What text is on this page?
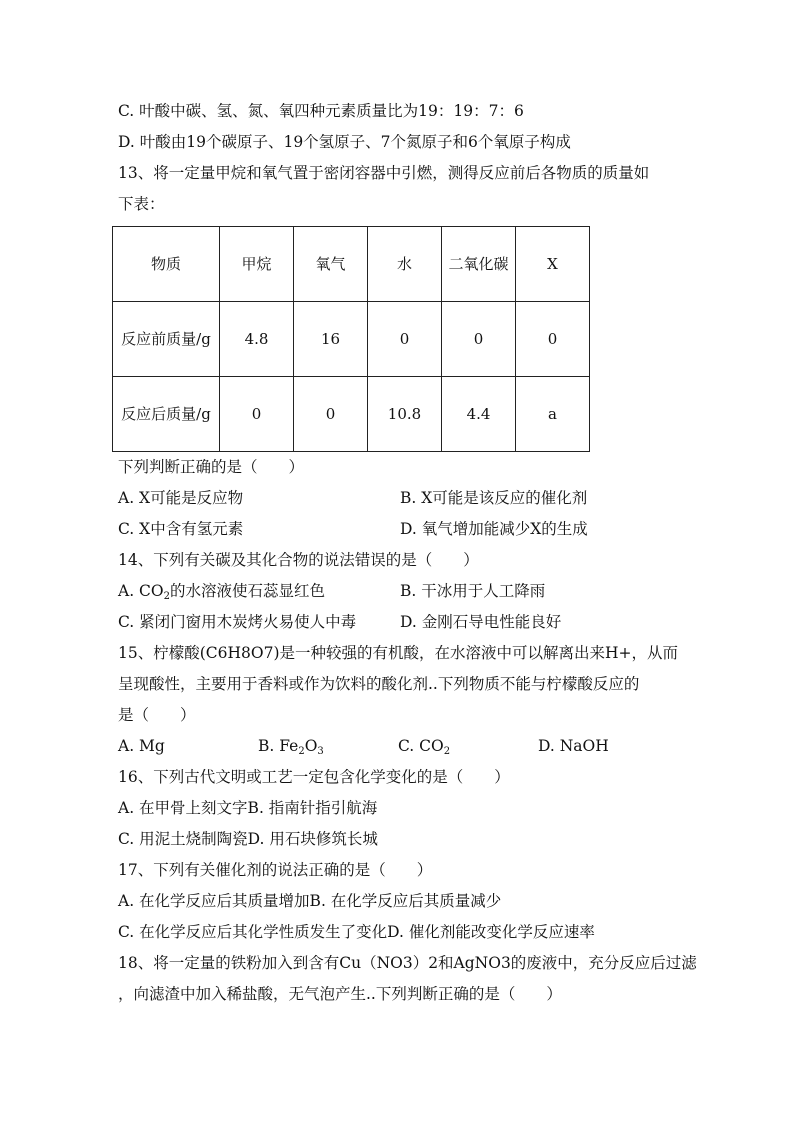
C. 叶酸中碳、氢、氮、氧四种元素质量比为19：19：7：6
D. 叶酸由19个碳原子、19个氢原子、7个氮原子和6个氧原子构成
13、将一定量甲烷和氧气置于密闭容器中引燃，测得反应前后各物质的质量如
下表：
物质	甲烷	氧气	水	二氧化碳	X
反应前质量/g	4.8	16	0	0	0
反应后质量/g	0	0	10.8	4.4	a
下列判断正确的是（　　）
A. X可能是反应物	B. X可能是该反应的催化剂
C. X中含有氢元素	D. 氧气增加能减少X的生成
14、下列有关碳及其化合物的说法错误的是（　　）
A. $CO_2$的水溶液使石蕊显红色	B. 干冰用于人工降雨
C. 紧闭门窗用木炭烤火易使人中毒	D. 金刚石导电性能良好
15、柠檬酸(C6H8O7)是一种较强的有机酸，在水溶液中可以解离出来H+，从而
呈现酸性，主要用于香料或作为饮料的酸化剂..下列物质不能与柠檬酸反应的
是（　　）
A. Mg	B. $Fe_2O_3$	C. $CO_2$	D. NaOH
16、下列古代文明或工艺一定包含化学变化的是（　　）
A. 在甲骨上刻文字B. 指南针指引航海
C. 用泥土烧制陶瓷D. 用石块修筑长城
17、下列有关催化剂的说法正确的是（　　）
A. 在化学反应后其质量增加B. 在化学反应后其质量减少
C. 在化学反应后其化学性质发生了变化D. 催化剂能改变化学反应速率
18、将一定量的铁粉加入到含有Cu（NO3）2和AgNO3的废液中，充分反应后过滤
，向滤渣中加入稀盐酸，无气泡产生..下列判断正确的是（　　）
